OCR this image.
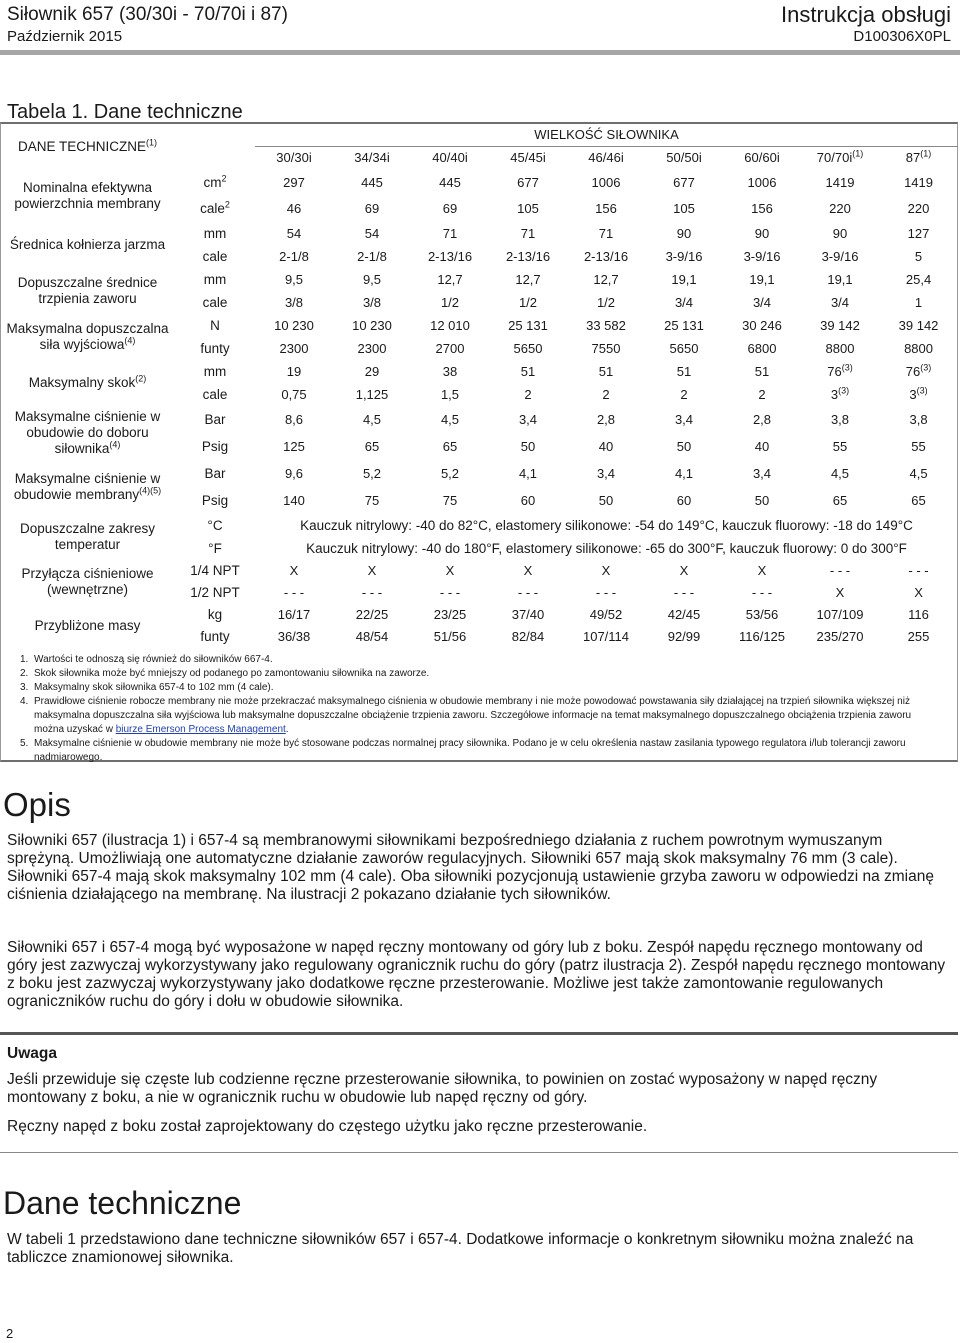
Siłownik 657 (30/30i - 70/70i i 87)
Październik 2015
Instrukcja obsługi
D100306X0PL
Tabela 1. Dane techniczne
DANE TECHNICZNE$^{(1)}$		WIELKOŚĆ SIŁOWNIKA								
		30/30i	34/34i	40/40i	45/45i	46/46i	50/50i	60/60i	$70/70i^{(1)}$	87$^{(1)}$
Nominalna efektywna powierzchnia membrany	$cm^2$	297	445	445	677	1006	677	1006	1419	1419
	cale$^2$	46	69	69	105	156	105	156	220	220
Średnica kołnierza jarzma	mm	54	54	71	71	71	90	90	90	127
	cale	2-1/8	2-1/8	2-13/16	2-13/16	2-13/16	3-9/16	3-9/16	3-9/16	5
Dopuszczalne średnice trzpienia zaworu	mm	9,5	9,5	12,7	12,7	12,7	19,1	19,1	19,1	25,4
	cale	3/8	3/8	1/2	1/2	1/2	3/4	3/4	3/4	1
Maksymalna dopuszczalna siła wyjściowa$^{(4)}$	N	10 230	10 230	12 010	25 131	33 582	25 131	30 246	39 142	39 142
	funty	2300	2300	2700	5650	7550	5650	6800	8800	8800
Maksymalny skok$^{(2)}$	mm	19	29	38	51	51	51	51	76$^{(3)}$	76$^{(3)}$
	cale	0,75	1,125	1,5	2	2	2	2	3$^{(3)}$	3$^{(3)}$
Maksymalne ciśnienie w obudowie do doboru siłownika$^{(4)}$	Bar	8,6	4,5	4,5	3,4	2,8	3,4	2,8	3,8	3,8
	Psig	125	65	65	50	40	50	40	55	55
Maksymalne ciśnienie w obudowie membrany$^{(4)(5)}$	Bar	9,6	5,2	5,2	4,1	3,4	4,1	3,4	4,5	4,5
	Psig	140	75	75	60	50	60	50	65	65
Dopuszczalne zakresy temperatur	°C	Kauczuk nitrylowy: -40 do 82°C, elastomery silikonowe: -54 do 149°C, kauczuk fluorowy: -18 do 149°C								
	°F	Kauczuk nitrylowy: -40 do 180°F, elastomery silikonowe: -65 do 300°F, kauczuk fluorowy: 0 do 300°F								
Przyłącza ciśnieniowe (wewnętrzne)	1/4 NPT	X	X	X	X	X	X	X	- - -	- - -
	1/2 NPT	- - -	- - -	- - -	- - -	- - -	- - -	- - -	X	X
Przybliżone masy	kg	16/17	22/25	23/25	37/40	49/52	42/45	53/56	107/109	116
	funty	36/38	48/54	51/56	82/84	107/114	92/99	116/125	235/270	255
1. Wartości te odnoszą się również do siłowników 667-4.
2. Skok siłownika może być mniejszy od podanego po zamontowaniu siłownika na zaworze.
3. Maksymalny skok siłownika 657-4 to 102 mm (4 cale).
4. Prawidłowe ciśnienie robocze membrany nie może przekraczać maksymalnego ciśnienia w obudowie membrany i nie może powodować powstawania siły działającej na trzpień siłownika większej niż maksymalna dopuszczalna siła wyjściowa lub maksymalne dopuszczalne obciążenie trzpienia zaworu. Szczegółowe informacje na temat maksymalnego dopuszczalnego obciążenia trzpienia zaworu można uzyskać w biurze Emerson Process Management.
5. Maksymalne ciśnienie w obudowie membrany nie może być stosowane podczas normalnej pracy siłownika. Podano je w celu określenia nastaw zasilania typowego regulatora i/lub tolerancji zaworu nadmiarowego.
Opis
Siłowniki 657 (ilustracja 1) i 657-4 są membranowymi siłownikami bezpośredniego działania z ruchem powrotnym wymuszanym sprężyną. Umożliwiają one automatyczne działanie zaworów regulacyjnych. Siłowniki 657 mają skok maksymalny 76 mm (3 cale). Siłowniki 657-4 mają skok maksymalny 102 mm (4 cale). Oba siłowniki pozycjonują ustawienie grzyba zaworu w odpowiedzi na zmianę ciśnienia działającego na membranę. Na ilustracji 2 pokazano działanie tych siłowników.
Siłowniki 657 i 657-4 mogą być wyposażone w napęd ręczny montowany od góry lub z boku. Zespół napędu ręcznego montowany od góry jest zazwyczaj wykorzystywany jako regulowany ogranicznik ruchu do góry (patrz ilustracja 2). Zespół napędu ręcznego montowany z boku jest zazwyczaj wykorzystywany jako dodatkowe ręczne przesterowanie. Możliwe jest także zamontowanie regulowanych ograniczników ruchu do góry i dołu w obudowie siłownika.
Uwaga
Jeśli przewiduje się częste lub codzienne ręczne przesterowanie siłownika, to powinien on zostać wyposażony w napęd ręczny montowany z boku, a nie w ogranicznik ruchu w obudowie lub napęd ręczny od góry.
Ręczny napęd z boku został zaprojektowany do częstego użytku jako ręczne przesterowanie.
Dane techniczne
W tabeli 1 przedstawiono dane techniczne siłowników 657 i 657-4. Dodatkowe informacje o konkretnym siłowniku można znaleźć na tabliczce znamionowej siłownika.
2
